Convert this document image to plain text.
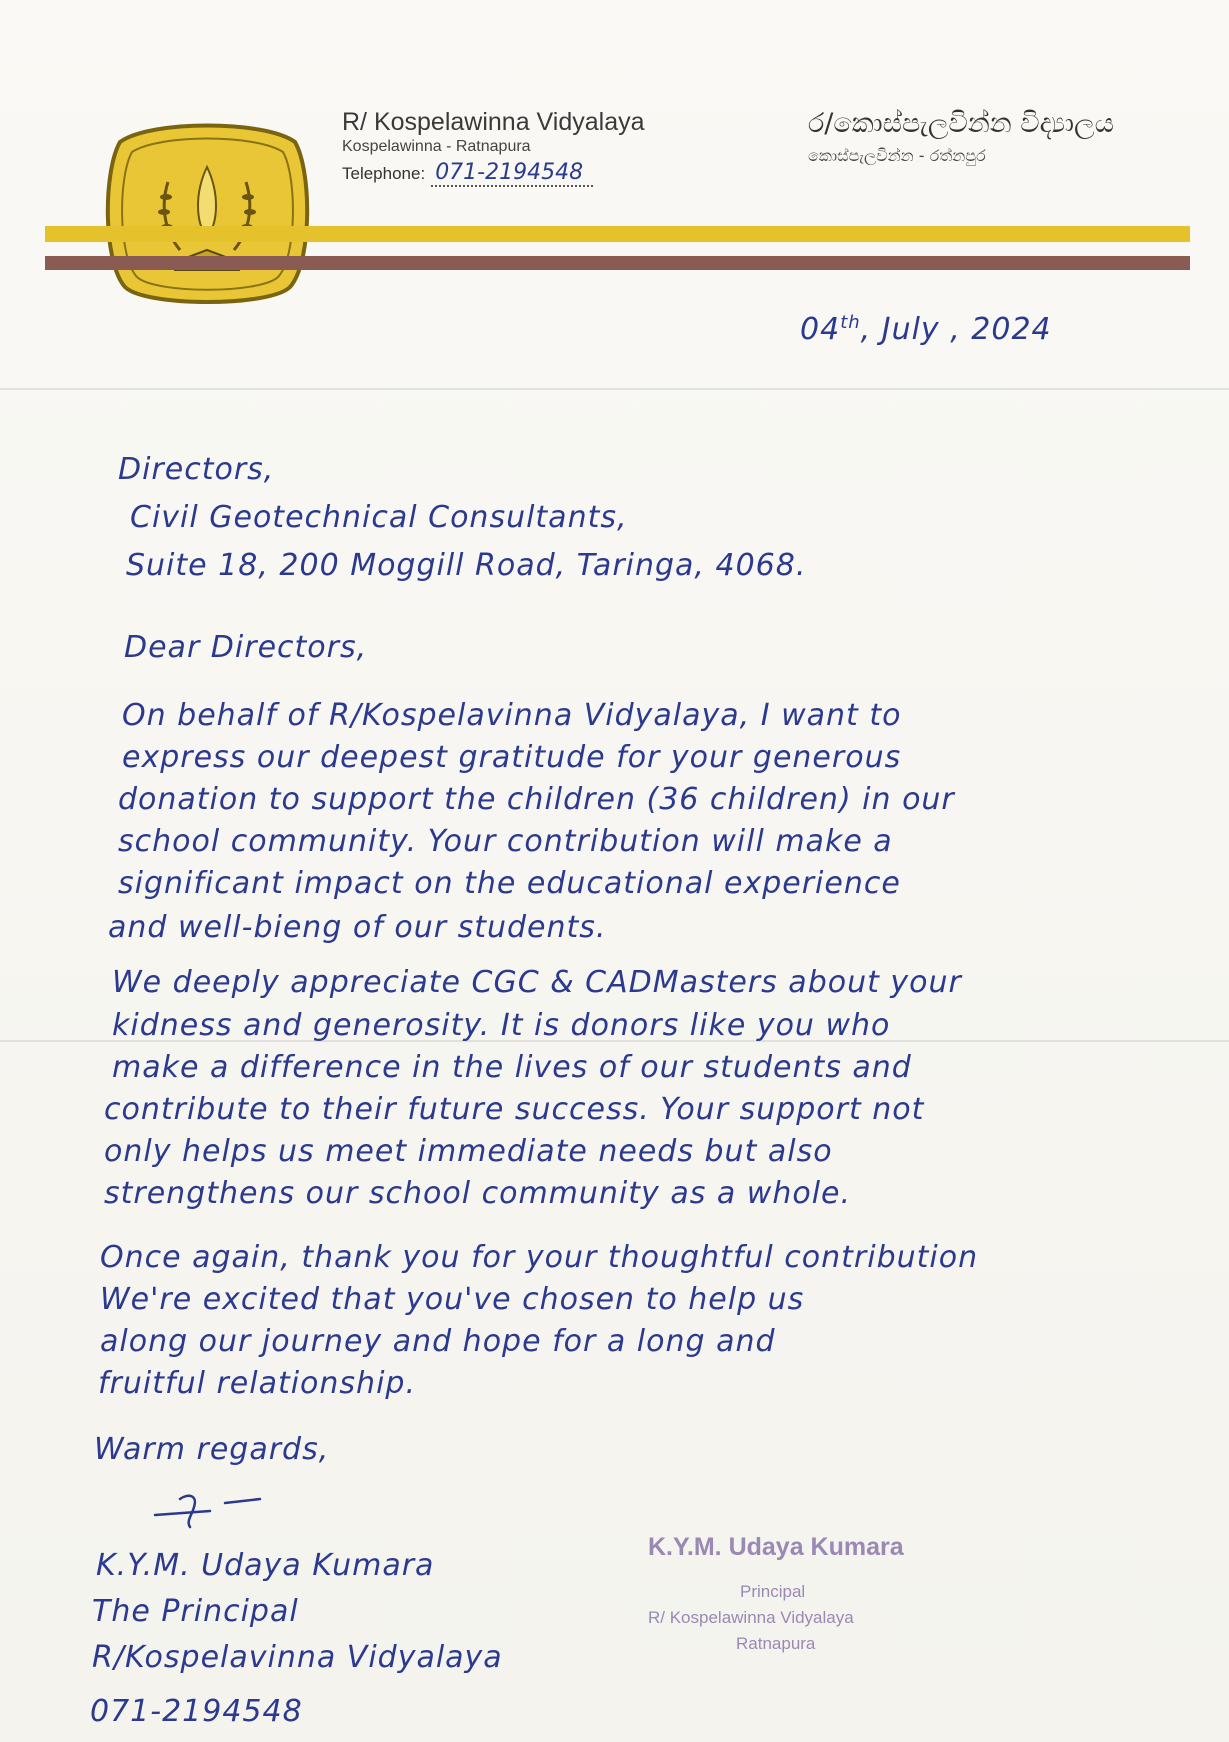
R/ Kospelawinna Vidyalaya
Kospelawinna - Ratnapura
Telephone: 071-2194548
ර/කොස්පැලවින්න විද්‍යාලය
කොස්පැලවින්න - රත්නපුර
04th, July , 2024
Directors,
Civil Geotechnical Consultants,
Suite 18, 200 Moggill Road, Taringa, 4068.
Dear Directors,
On behalf of R/Kospelavinna Vidyalaya, I want to
express our deepest gratitude for your generous
donation to support the children (36 children) in our
school community. Your contribution will make a
significant impact on the educational experience
and well-bieng of our students.
We deeply appreciate CGC & CADMasters about your
kidness and generosity. It is donors like you who
make a difference in the lives of our students and
contribute to their future success. Your support not
only helps us meet immediate needs but also
strengthens our school community as a whole.
Once again, thank you for your thoughtful contribution
We're excited that you've chosen to help us
along our journey and hope for a long and
fruitful relationship.
Warm regards,
K.Y.M. Udaya Kumara
The Principal
R/Kospelavinna Vidyalaya
071-2194548
K.Y.M. Udaya Kumara
Principal
R/ Kospelawinna Vidyalaya
Ratnapura
